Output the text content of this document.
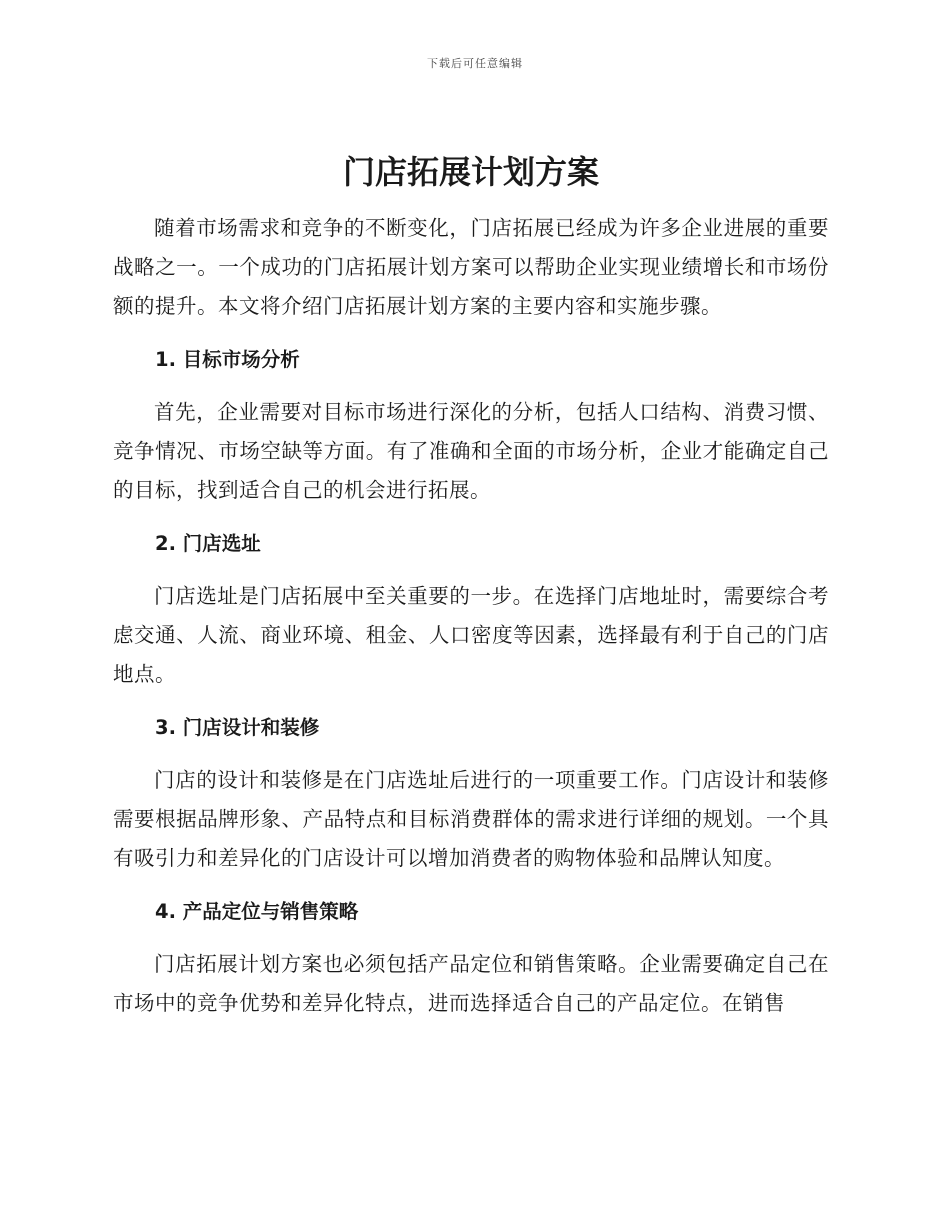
下载后可任意编辑
门店拓展计划方案

随着市场需求和竞争的不断变化，门店拓展已经成为许多企业进展的重要战略之一。一个成功的门店拓展计划方案可以帮助企业实现业绩增长和市场份额的提升。本文将介绍门店拓展计划方案的主要内容和实施步骤。

1. 目标市场分析

首先，企业需要对目标市场进行深化的分析，包括人口结构、消费习惯、竞争情况、市场空缺等方面。有了准确和全面的市场分析，企业才能确定自己的目标，找到适合自己的机会进行拓展。

2. 门店选址

门店选址是门店拓展中至关重要的一步。在选择门店地址时，需要综合考虑交通、人流、商业环境、租金、人口密度等因素，选择最有利于自己的门店地点。

3. 门店设计和装修

门店的设计和装修是在门店选址后进行的一项重要工作。门店设计和装修需要根据品牌形象、产品特点和目标消费群体的需求进行详细的规划。一个具有吸引力和差异化的门店设计可以增加消费者的购物体验和品牌认知度。

4. 产品定位与销售策略

门店拓展计划方案也必须包括产品定位和销售策略。企业需要确定自己在市场中的竞争优势和差异化特点，进而选择适合自己的产品定位。在销售
